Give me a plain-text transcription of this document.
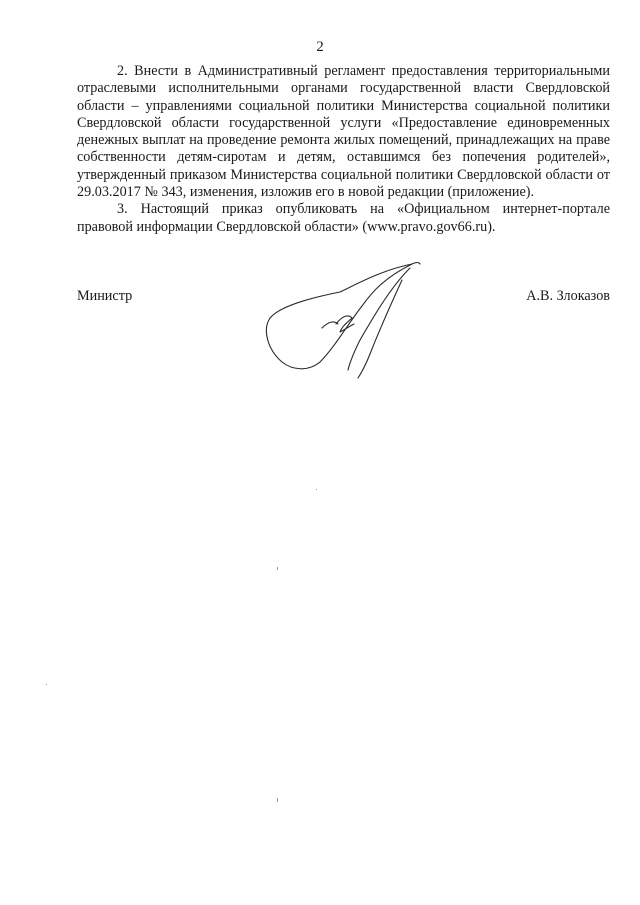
2

2. Внести в Административный регламент предоставления территориальными отраслевыми исполнительными органами государственной власти Свердловской области – управлениями социальной политики Министерства социальной политики Свердловской области государственной услуги «Предоставление единовременных денежных выплат на проведение ремонта жилых помещений, принадлежащих на праве собственности детям-сиротам и детям, оставшимся без попечения родителей», утвержденный приказом Министерства социальной политики Свердловской области от 29.03.2017 № 343, изменения, изложив его в новой редакции (приложение).

3. Настоящий приказ опубликовать на «Официальном интернет-портале правовой информации Свердловской области» (www.pravo.gov66.ru).

Министр	А.В. Злоказов
